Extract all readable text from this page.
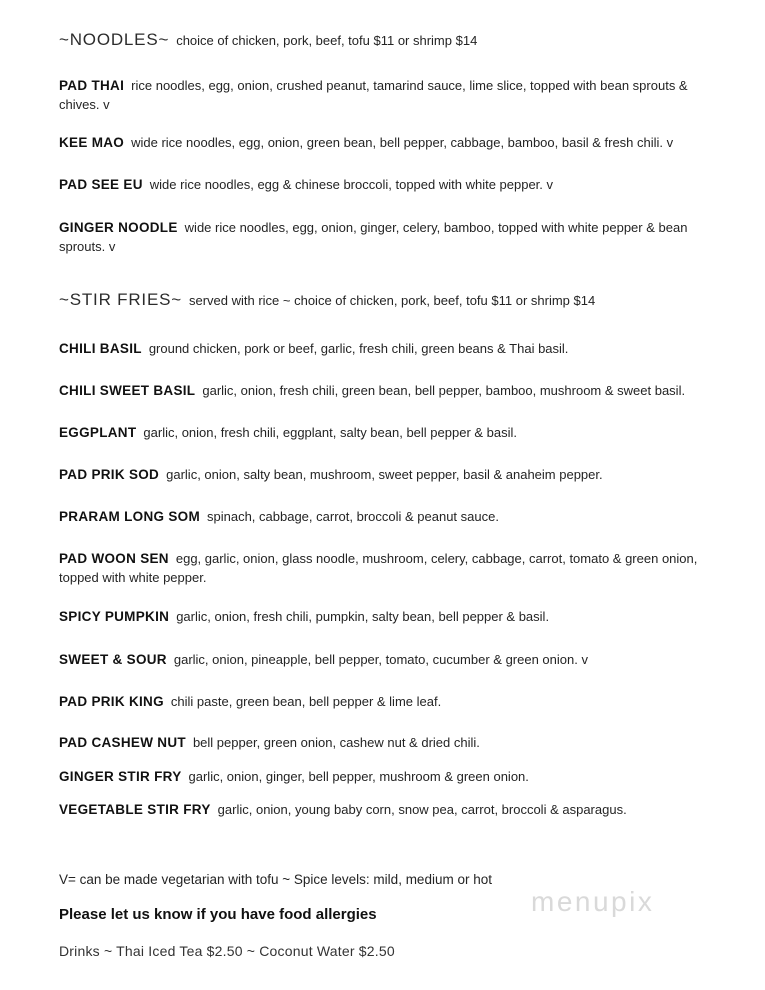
~NOODLES~ choice of chicken, pork, beef, tofu $11 or shrimp $14
PAD THAI rice noodles, egg, onion, crushed peanut, tamarind sauce, lime slice, topped with bean sprouts & chives. v
KEE MAO wide rice noodles, egg, onion, green bean, bell pepper, cabbage, bamboo, basil & fresh chili. v
PAD SEE EU wide rice noodles, egg & chinese broccoli, topped with white pepper. v
GINGER NOODLE wide rice noodles, egg, onion, ginger, celery, bamboo, topped with white pepper & bean sprouts. v
~STIR FRIES~ served with rice ~ choice of chicken, pork, beef, tofu $11 or shrimp $14
CHILI BASIL ground chicken, pork or beef, garlic, fresh chili, green beans & Thai basil.
CHILI SWEET BASIL garlic, onion, fresh chili, green bean, bell pepper, bamboo, mushroom & sweet basil.
EGGPLANT garlic, onion, fresh chili, eggplant, salty bean, bell pepper & basil.
PAD PRIK SOD garlic, onion, salty bean, mushroom, sweet pepper, basil & anaheim pepper.
PRARAM LONG SOM spinach, cabbage, carrot, broccoli & peanut sauce.
PAD WOON SEN egg, garlic, onion, glass noodle, mushroom, celery, cabbage, carrot, tomato & green onion, topped with white pepper.
SPICY PUMPKIN garlic, onion, fresh chili, pumpkin, salty bean, bell pepper & basil.
SWEET & SOUR garlic, onion, pineapple, bell pepper, tomato, cucumber & green onion. v
PAD PRIK KING chili paste, green bean, bell pepper & lime leaf.
PAD CASHEW NUT bell pepper, green onion, cashew nut & dried chili.
GINGER STIR FRY garlic, onion, ginger, bell pepper, mushroom & green onion.
VEGETABLE STIR FRY garlic, onion, young baby corn, snow pea, carrot, broccoli & asparagus.
V= can be made vegetarian with tofu ~ Spice levels: mild, medium or hot
Please let us know if you have food allergies
Drinks ~ Thai Iced Tea $2.50 ~ Coconut Water $2.50
menupix
